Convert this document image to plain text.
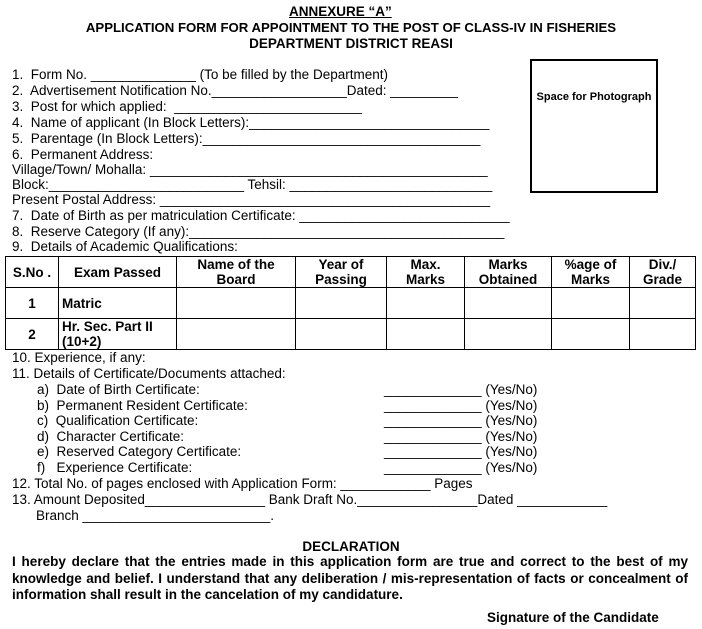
ANNEXURE “A”
APPLICATION FORM FOR APPOINTMENT TO THE POST OF CLASS-IV IN FISHERIES
DEPARTMENT DISTRICT REASI
Space for Photograph
1.  Form No. ______________ (To be filled by the Department)
2.  Advertisement Notification No.__________________Dated: _________
3.  Post for which applied:  _________________________
4.  Name of applicant (In Block Letters):________________________________
5.  Parentage (In Block Letters):_____________________________________
6.  Permanent Address:
Village/Town/ Mohalla: _____________________________________________
Block:__________________________ Tehsil: ___________________________
Present Postal Address: ____________________________________________
7.  Date of Birth as per matriculation Certificate: ____________________________
8.  Reserve Category (If any):__________________________________________
9.  Details of Academic Qualifications:
S.No .	Exam Passed	Name of the Board	Year of Passing	Max. Marks	Marks Obtained	%age of Marks	Div./ Grade
1	Matric						
2	Hr. Sec. Part II (10+2)						
10. Experience, if any:
11. Details of Certificate/Documents attached:
a)  Date of Birth Certificate:	_____________ (Yes/No)
b)  Permanent Resident Certificate:	_____________ (Yes/No)
c)  Qualification Certificate:	_____________ (Yes/No)
d)  Character Certificate:	_____________ (Yes/No)
e)  Reserved Category Certificate:	_____________ (Yes/No)
f)   Experience Certificate:	_____________ (Yes/No)
12. Total No. of pages enclosed with Application Form: ____________ Pages
13. Amount Deposited________________ Bank Draft No.________________Dated ____________
Branch _________________________.
DECLARATION
I hereby declare that the entries made in this application form are true and correct to the best of my knowledge and belief. I understand that any deliberation / mis-representation of facts or concealment of information shall result in the cancelation of my candidature.
Signature of the Candidate
